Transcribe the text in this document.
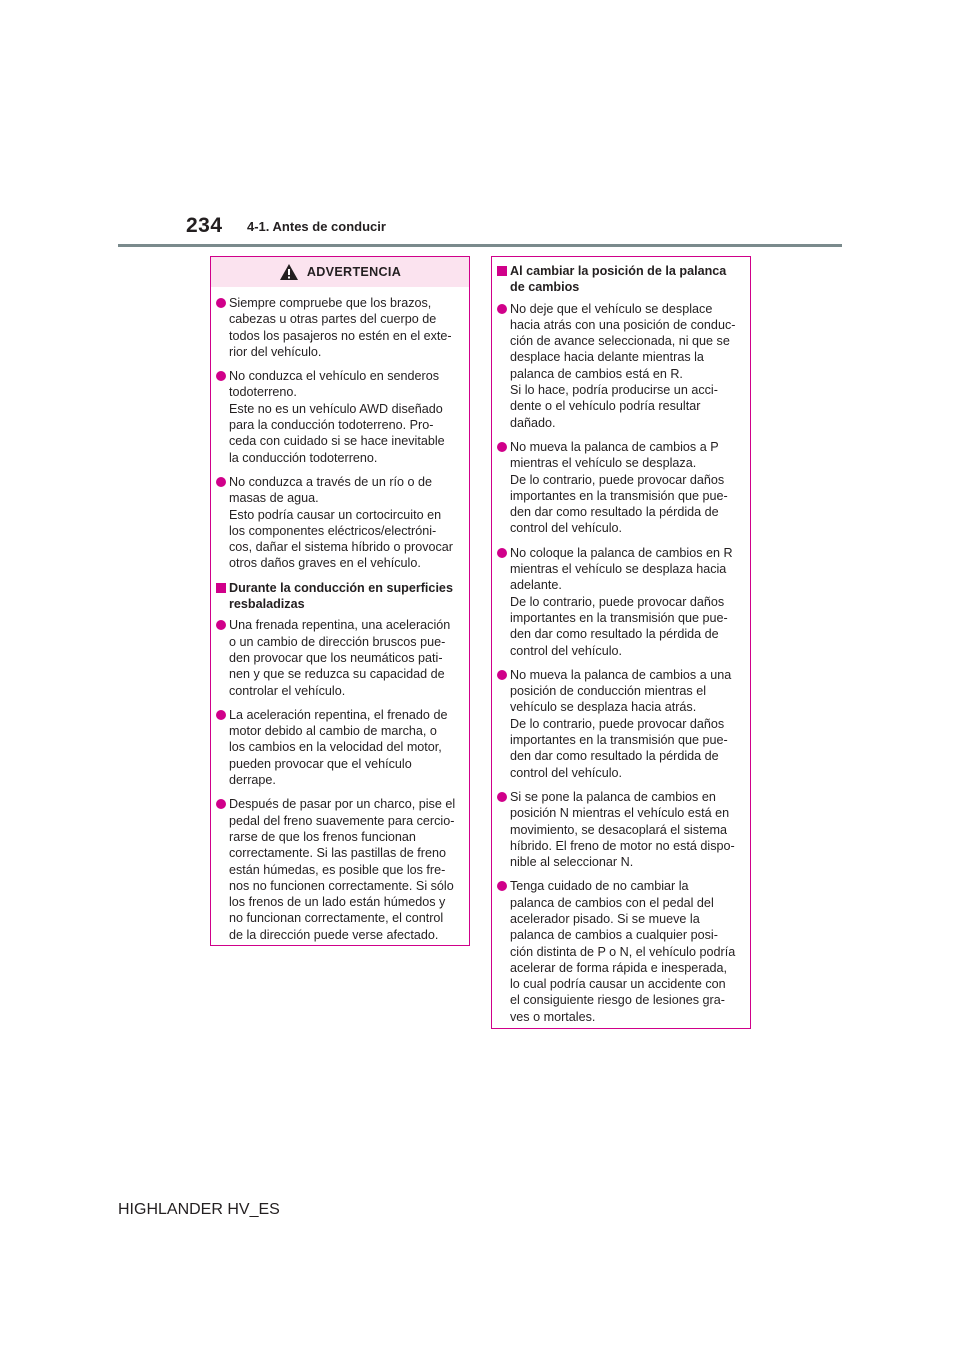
234 4-1. Antes de conducir
ADVERTENCIA
Siempre compruebe que los brazos,
cabezas u otras partes del cuerpo de
todos los pasajeros no estén en el exte-
rior del vehículo.
No conduzca el vehículo en senderos
todoterreno.
Este no es un vehículo AWD diseñado
para la conducción todoterreno. Pro-
ceda con cuidado si se hace inevitable
la conducción todoterreno.
No conduzca a través de un río o de
masas de agua.
Esto podría causar un cortocircuito en
los componentes eléctricos/electróni-
cos, dañar el sistema híbrido o provocar
otros daños graves en el vehículo.
Durante la conducción en superficies
resbaladizas
Una frenada repentina, una aceleración
o un cambio de dirección bruscos pue-
den provocar que los neumáticos pati-
nen y que se reduzca su capacidad de
controlar el vehículo.
La aceleración repentina, el frenado de
motor debido al cambio de marcha, o
los cambios en la velocidad del motor,
pueden provocar que el vehículo
derrape.
Después de pasar por un charco, pise el
pedal del freno suavemente para cercio-
rarse de que los frenos funcionan
correctamente. Si las pastillas de freno
están húmedas, es posible que los fre-
nos no funcionen correctamente. Si sólo
los frenos de un lado están húmedos y
no funcionan correctamente, el control
de la dirección puede verse afectado.
Al cambiar la posición de la palanca
de cambios
No deje que el vehículo se desplace
hacia atrás con una posición de conduc-
ción de avance seleccionada, ni que se
desplace hacia delante mientras la
palanca de cambios está en R.
Si lo hace, podría producirse un acci-
dente o el vehículo podría resultar
dañado.
No mueva la palanca de cambios a P
mientras el vehículo se desplaza.
De lo contrario, puede provocar daños
importantes en la transmisión que pue-
den dar como resultado la pérdida de
control del vehículo.
No coloque la palanca de cambios en R
mientras el vehículo se desplaza hacia
adelante.
De lo contrario, puede provocar daños
importantes en la transmisión que pue-
den dar como resultado la pérdida de
control del vehículo.
No mueva la palanca de cambios a una
posición de conducción mientras el
vehículo se desplaza hacia atrás.
De lo contrario, puede provocar daños
importantes en la transmisión que pue-
den dar como resultado la pérdida de
control del vehículo.
Si se pone la palanca de cambios en
posición N mientras el vehículo está en
movimiento, se desacoplará el sistema
híbrido. El freno de motor no está dispo-
nible al seleccionar N.
Tenga cuidado de no cambiar la
palanca de cambios con el pedal del
acelerador pisado. Si se mueve la
palanca de cambios a cualquier posi-
ción distinta de P o N, el vehículo podría
acelerar de forma rápida e inesperada,
lo cual podría causar un accidente con
el consiguiente riesgo de lesiones gra-
ves o mortales.
HIGHLANDER HV_ES
